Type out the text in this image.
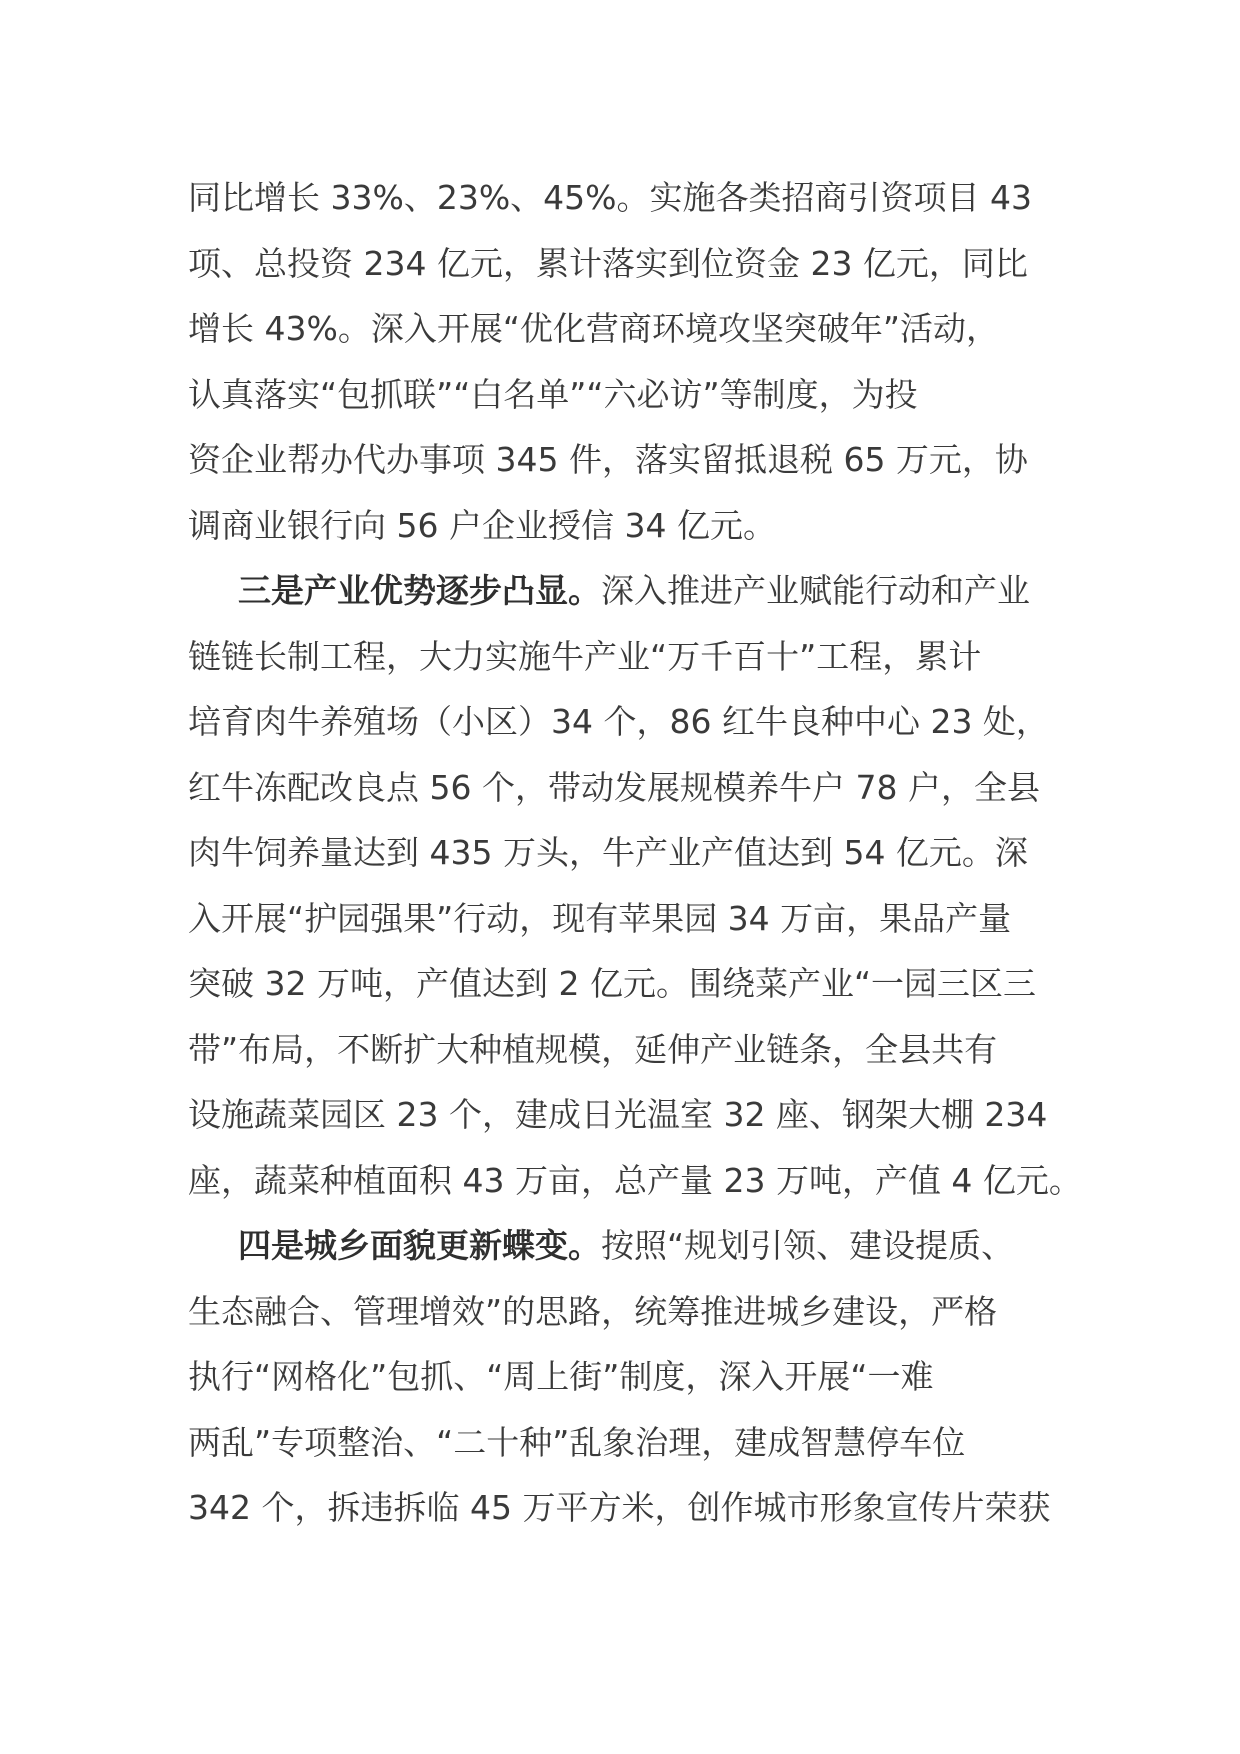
同比增长 33%、23%、45%。实施各类招商引资项目 43
项、总投资 234 亿元，累计落实到位资金 23 亿元，同比
增长 43%。深入开展“优化营商环境攻坚突破年”活动，
认真落实“包抓联”“白名单”“六必访”等制度，为投
资企业帮办代办事项 345 件，落实留抵退税 65 万元，协
调商业银行向 56 户企业授信 34 亿元。
三是产业优势逐步凸显。深入推进产业赋能行动和产业
链链长制工程，大力实施牛产业“万千百十”工程，累计
培育肉牛养殖场（小区）34 个，86 红牛良种中心 23 处，
红牛冻配改良点 56 个，带动发展规模养牛户 78 户，全县
肉牛饲养量达到 435 万头，牛产业产值达到 54 亿元。深
入开展“护园强果”行动，现有苹果园 34 万亩，果品产量
突破 32 万吨，产值达到 2 亿元。围绕菜产业“一园三区三
带”布局，不断扩大种植规模，延伸产业链条，全县共有
设施蔬菜园区 23 个，建成日光温室 32 座、钢架大棚 234
座，蔬菜种植面积 43 万亩，总产量 23 万吨，产值 4 亿元。
四是城乡面貌更新蝶变。按照“规划引领、建设提质、
生态融合、管理增效”的思路，统筹推进城乡建设，严格
执行“网格化”包抓、“周上街”制度，深入开展“一难
两乱”专项整治、“二十种”乱象治理，建成智慧停车位
342 个，拆违拆临 45 万平方米，创作城市形象宣传片荣获
